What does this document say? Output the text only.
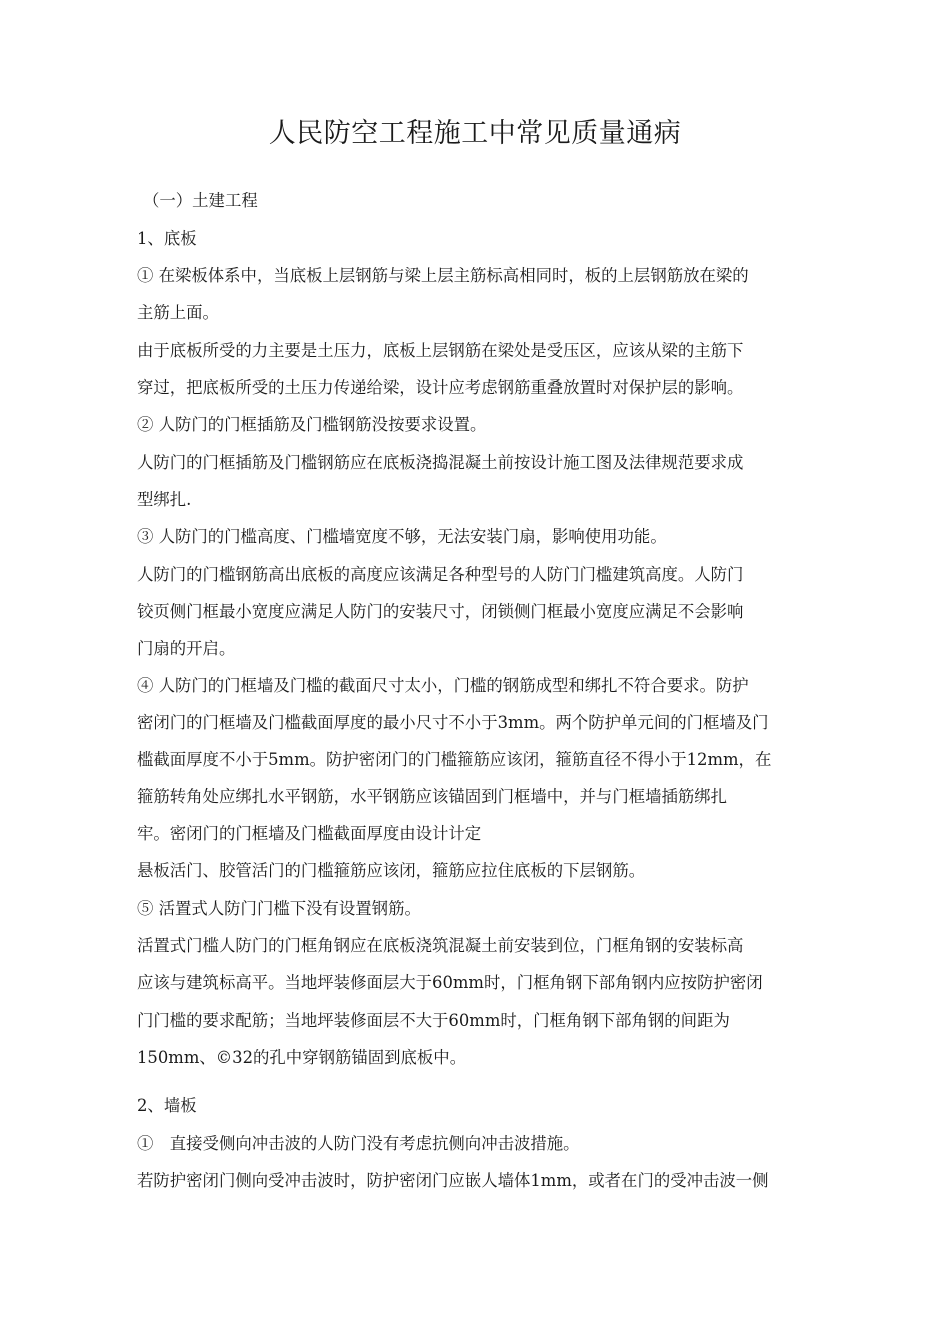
人民防空工程施工中常见质量通病

（一）土建工程

1、底板

① 在梁板体系中，当底板上层钢筋与梁上层主筋标高相同时，板的上层钢筋放在梁的

主筋上面。

由于底板所受的力主要是土压力，底板上层钢筋在梁处是受压区，应该从梁的主筋下

穿过，把底板所受的土压力传递给梁，设计应考虑钢筋重叠放置时对保护层的影响。

② 人防门的门框插筋及门槛钢筋没按要求设置。

人防门的门框插筋及门槛钢筋应在底板浇捣混凝土前按设计施工图及法律规范要求成

型绑扎.

③ 人防门的门槛高度、门槛墙宽度不够，无法安装门扇，影响使用功能。

人防门的门槛钢筋高出底板的高度应该满足各种型号的人防门门槛建筑高度。人防门

铰页侧门框最小宽度应满足人防门的安装尺寸，闭锁侧门框最小宽度应满足不会影响

门扇的开启。

④ 人防门的门框墙及门槛的截面尺寸太小，门槛的钢筋成型和绑扎不符合要求。防护

密闭门的门框墙及门槛截面厚度的最小尺寸不小于3mm。两个防护单元间的门框墙及门

槛截面厚度不小于5mm。防护密闭门的门槛箍筋应该闭，箍筋直径不得小于12mm，在

箍筋转角处应绑扎水平钢筋，水平钢筋应该锚固到门框墙中，并与门框墙插筋绑扎

牢。密闭门的门框墙及门槛截面厚度由设计计定

悬板活门、胶管活门的门槛箍筋应该闭，箍筋应拉住底板的下层钢筋。

⑤ 活置式人防门门槛下没有设置钢筋。

活置式门槛人防门的门框角钢应在底板浇筑混凝土前安装到位，门框角钢的安装标高

应该与建筑标高平。当地坪装修面层大于60mm时，门框角钢下部角钢内应按防护密闭

门门槛的要求配筋；当地坪装修面层不大于60mm时，门框角钢下部角钢的间距为

150mm、©32的孔中穿钢筋锚固到底板中。

2、墙板

①　直接受侧向冲击波的人防门没有考虑抗侧向冲击波措施。

若防护密闭门侧向受冲击波时，防护密闭门应嵌人墙体1mm，或者在门的受冲击波一侧
